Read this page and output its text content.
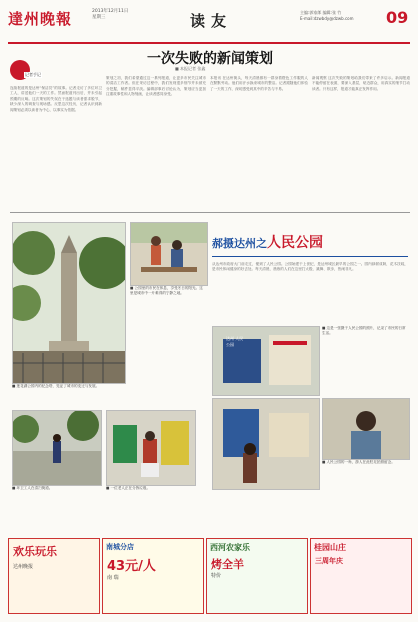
達州晚報	2013年12月11日
星期三	读友	主编:郭家郎 编辑:张 竹
E-mail:dzwbdy@dzwb.com	09
一次失败的新闻策划
■ 本报记者 张鑫
记者手记
连续报道的是达州“保洁员”的故事。记者走访了多位环卫工人，讲述他们一天的工作。然而报道刊出后，并未引起预期的反响。这次策划的失误在于选题与读者需求脱节，缺少深入的调查与现场感。反思这次经历，记者认识到新闻策划必须以读者为中心，以事实为依据。
策划之初，我们希望通过这一系列报道，让更多市民关注城市的清洁工作者。但在采访过程中，我们发现很多细节并未被充分挖掘，稿件显得平淡。编辑部事后讨论认为，策划应当更加注重故事性和人物刻画，让读者感同身受。
本报讯 在达州街头，每天清晨都有一群身着橙色工作服的人在默默劳动。他们用汗水换来城市的整洁。记者跟随他们体验了一天的工作，深切感受到其中的辛苦与不易。
新闻观察 这次失败的策划给我们带来了许多启示。新闻报道不能停留在表面，要深入基层，贴近群众，用真实的细节打动读者。只有这样，报道才能真正发挥作用。
■ 莲花湖公园内的纪念塔，见证了城市的变迁与发展。
■ 公园里的市民在休息，享受冬日的阳光。这里是城市中一片难得的宁静之地。
■ 环卫工人在清扫街道。	■ 一位老人正在分拣垃圾。
郝摄达州之人民公园
从达州市政府大门前走过，便到了人民公园。公园始建于上世纪，是达州城区最早的公园之一。园内绿树成荫，花木扶疏，是市民休闲健身的好去处。每天清晨，晨练的人们在这里打太极、跳舞、散步，热闹非凡。
达州 人民公园
■ 这是一张摄于人民公园的照片，记录了市民的日常生活。
■ 人民公园的一角，游人在此驻足拍照留念。
欢乐玩乐
达州晚报
南城分店
43元/人
南 瑞
西河农家乐
烤全羊
特价
桂园山庄
三周年庆
